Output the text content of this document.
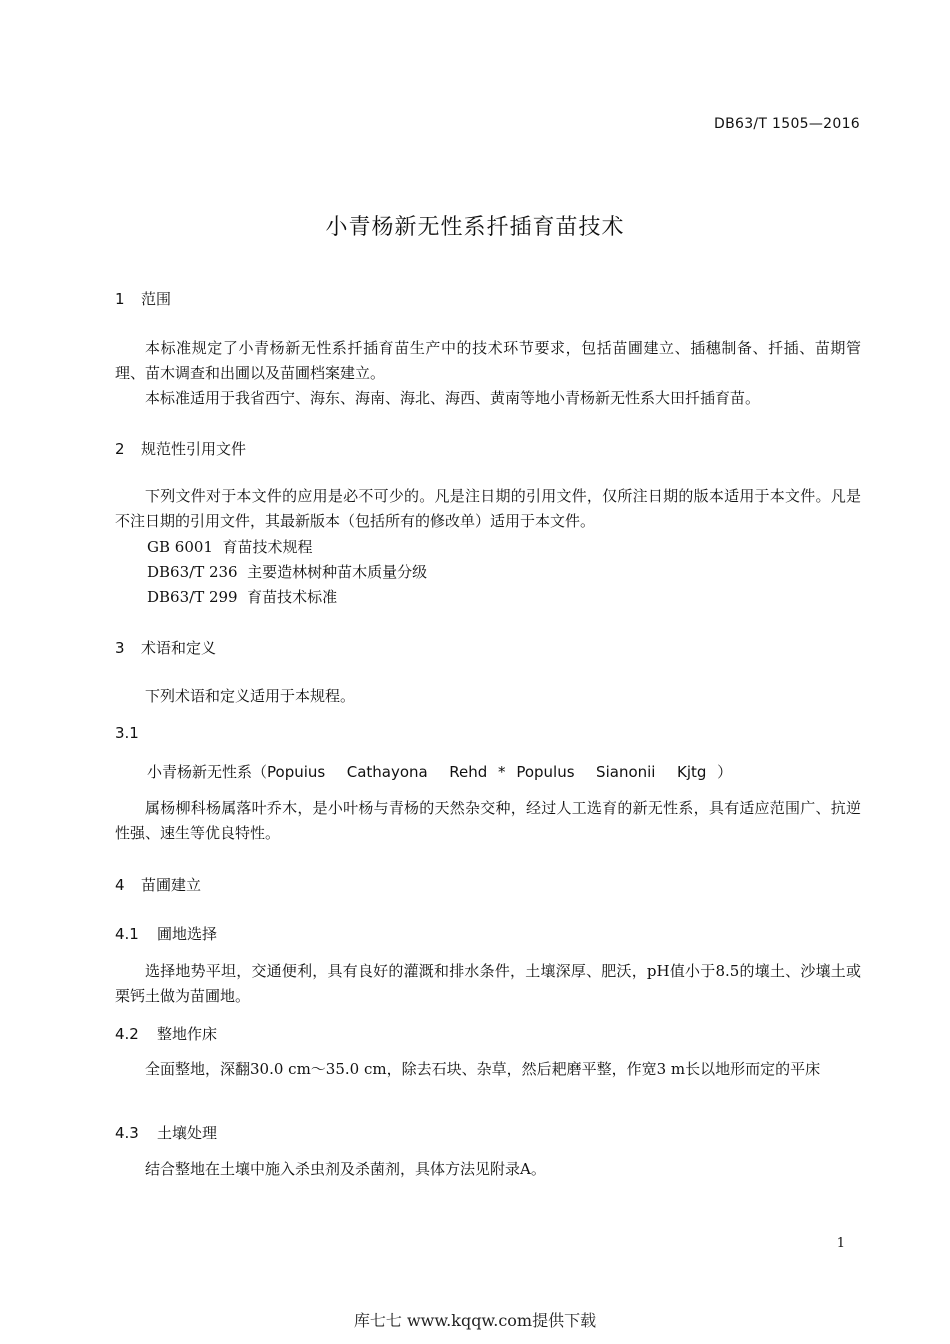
DB63/T 1505—2016
小青杨新无性系扦插育苗技术
1 范围
本标准规定了小青杨新无性系扦插育苗生产中的技术环节要求，包括苗圃建立、插穗制备、扦插、苗期管理、苗木调查和出圃以及苗圃档案建立。
本标准适用于我省西宁、海东、海南、海北、海西、黄南等地小青杨新无性系大田扦插育苗。
2 规范性引用文件
下列文件对于本文件的应用是必不可少的。凡是注日期的引用文件，仅所注日期的版本适用于本文件。凡是不注日期的引用文件，其最新版本（包括所有的修改单）适用于本文件。
GB 6001  育苗技术规程
DB63/T 236  主要造林树种苗木质量分级
DB63/T 299  育苗技术标准
3 术语和定义
下列术语和定义适用于本规程。
3.1
小青杨新无性系（Popuius  Cathayona  Rehd * Populus  Sianonii  Kjtg ）
属杨柳科杨属落叶乔木，是小叶杨与青杨的天然杂交种，经过人工选育的新无性系，具有适应范围广、抗逆性强、速生等优良特性。
4 苗圃建立
4.1 圃地选择
选择地势平坦，交通便利，具有良好的灌溉和排水条件，土壤深厚、肥沃，pH值小于8.5的壤土、沙壤土或栗钙土做为苗圃地。
4.2 整地作床
全面整地，深翻30.0 cm～35.0 cm，除去石块、杂草，然后耙磨平整，作宽3 m长以地形而定的平床
4.3 土壤处理
结合整地在土壤中施入杀虫剂及杀菌剂，具体方法见附录A。
1
库七七 www.kqqw.com提供下载
